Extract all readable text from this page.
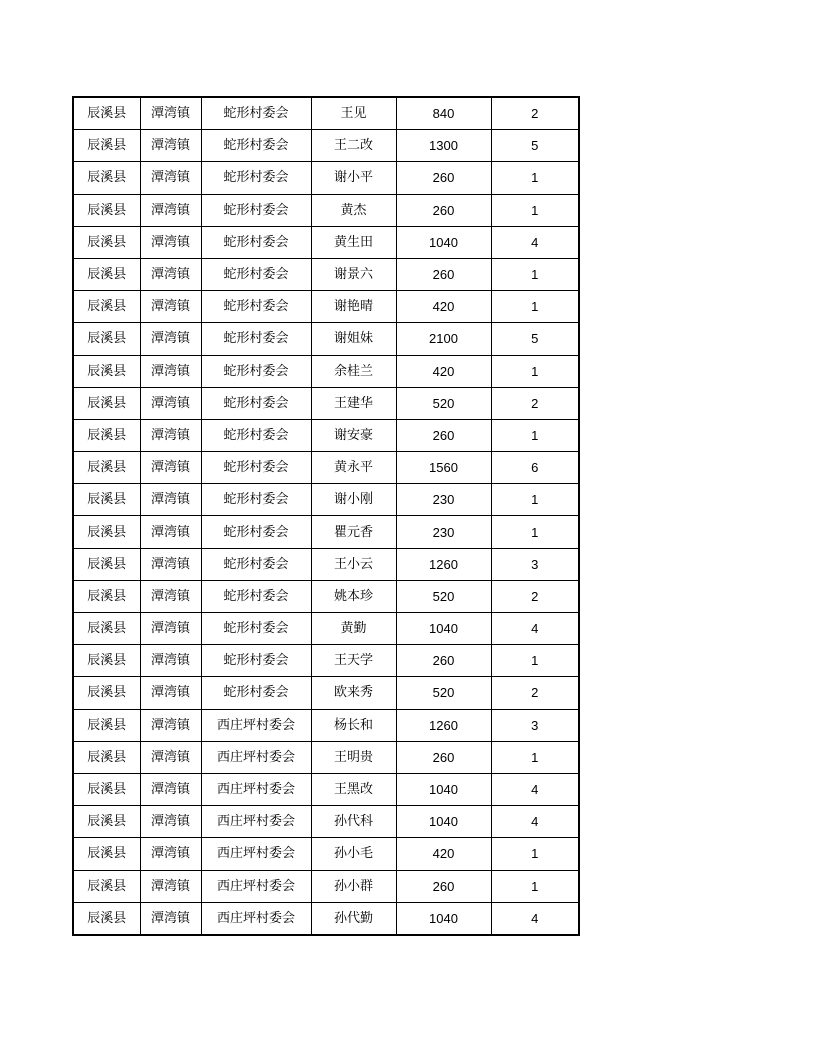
辰溪县	潭湾镇	蛇形村委会	王见	840	2
辰溪县	潭湾镇	蛇形村委会	王二改	1300	5
辰溪县	潭湾镇	蛇形村委会	谢小平	260	1
辰溪县	潭湾镇	蛇形村委会	黄杰	260	1
辰溪县	潭湾镇	蛇形村委会	黄生田	1040	4
辰溪县	潭湾镇	蛇形村委会	谢景六	260	1
辰溪县	潭湾镇	蛇形村委会	谢艳晴	420	1
辰溪县	潭湾镇	蛇形村委会	谢姐妹	2100	5
辰溪县	潭湾镇	蛇形村委会	余桂兰	420	1
辰溪县	潭湾镇	蛇形村委会	王建华	520	2
辰溪县	潭湾镇	蛇形村委会	谢安豪	260	1
辰溪县	潭湾镇	蛇形村委会	黄永平	1560	6
辰溪县	潭湾镇	蛇形村委会	谢小刚	230	1
辰溪县	潭湾镇	蛇形村委会	瞿元香	230	1
辰溪县	潭湾镇	蛇形村委会	王小云	1260	3
辰溪县	潭湾镇	蛇形村委会	姚本珍	520	2
辰溪县	潭湾镇	蛇形村委会	黄勤	1040	4
辰溪县	潭湾镇	蛇形村委会	王天学	260	1
辰溪县	潭湾镇	蛇形村委会	欧来秀	520	2
辰溪县	潭湾镇	西庄坪村委会	杨长和	1260	3
辰溪县	潭湾镇	西庄坪村委会	王明贵	260	1
辰溪县	潭湾镇	西庄坪村委会	王黑改	1040	4
辰溪县	潭湾镇	西庄坪村委会	孙代科	1040	4
辰溪县	潭湾镇	西庄坪村委会	孙小毛	420	1
辰溪县	潭湾镇	西庄坪村委会	孙小群	260	1
辰溪县	潭湾镇	西庄坪村委会	孙代勤	1040	4
